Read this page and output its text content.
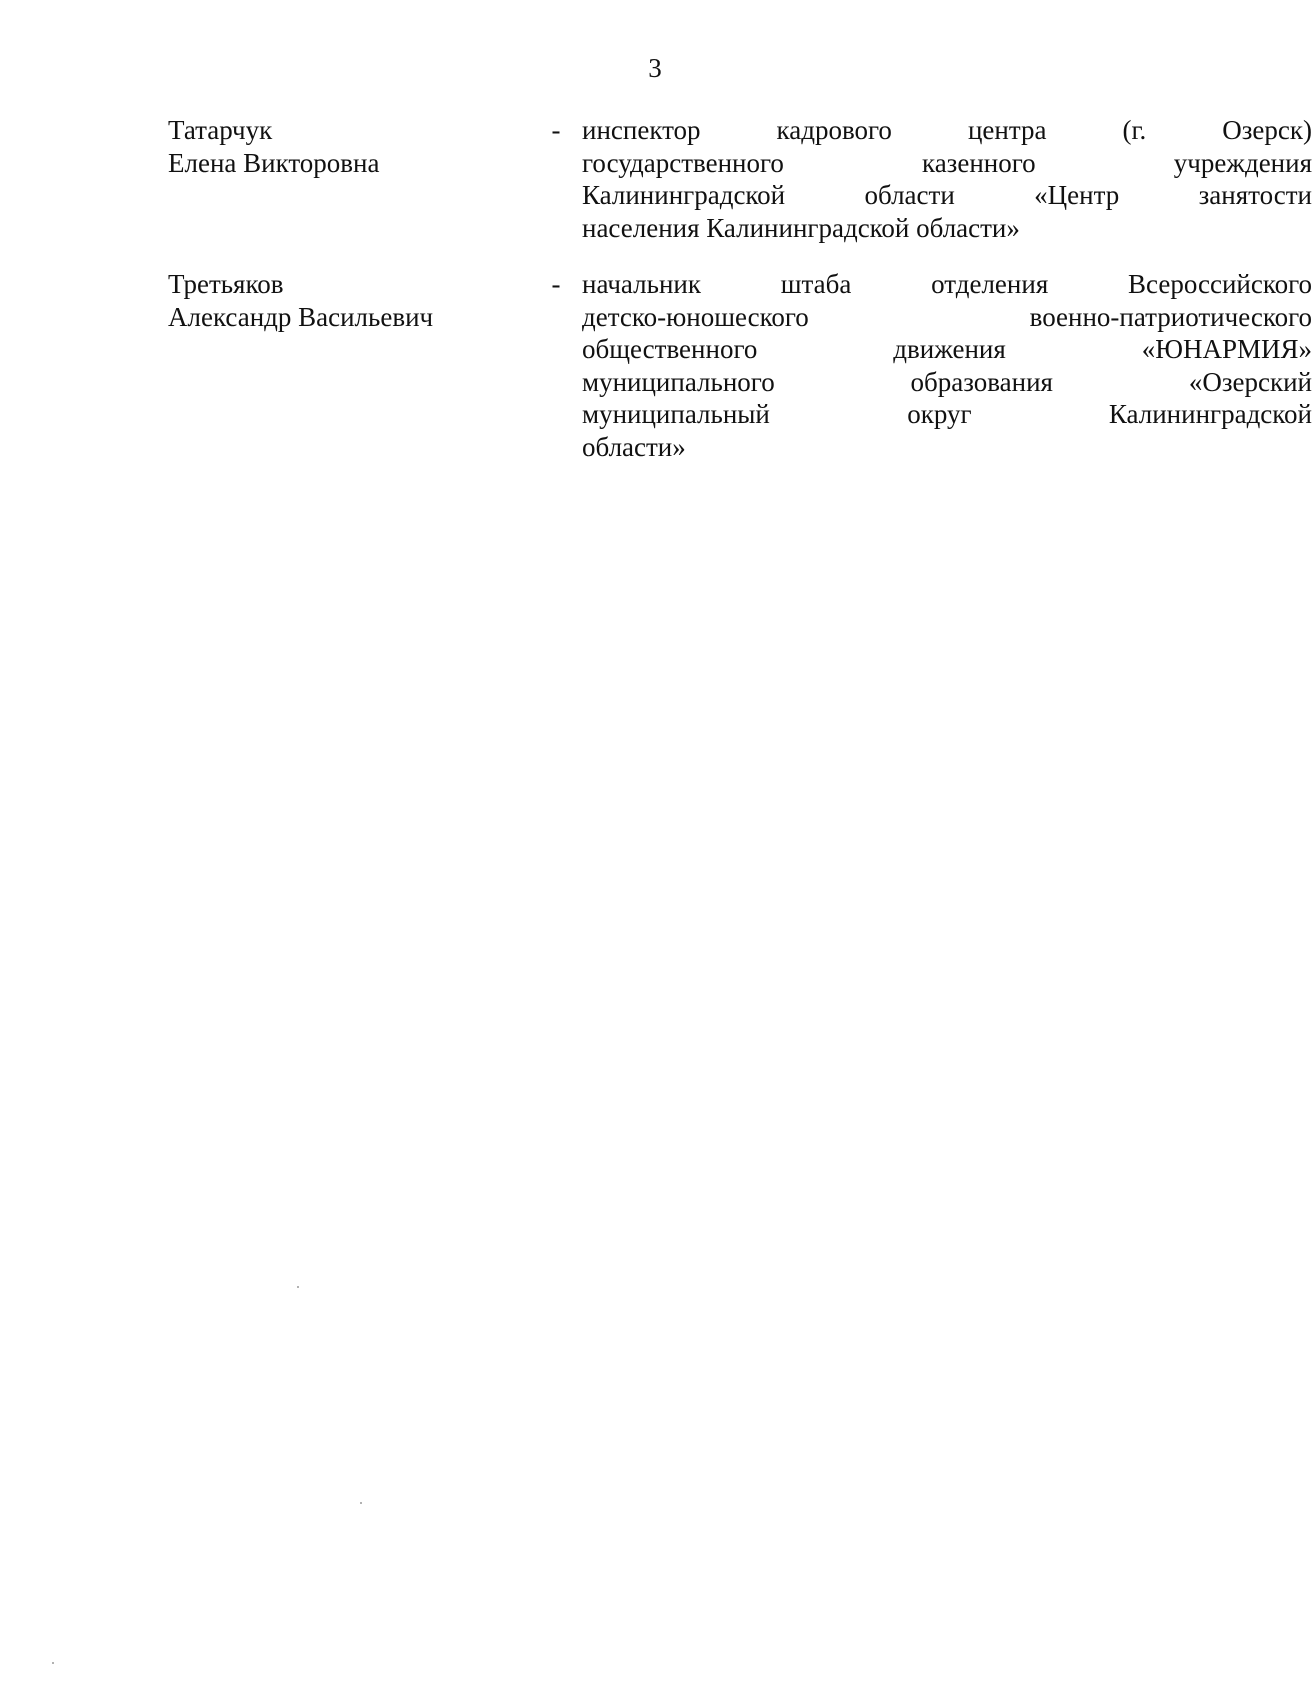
3
Татарчук
Елена Викторовна
- инспектор кадрового центра (г. Озерск)
государственного казенного учреждения
Калининградской области «Центр занятости
населения Калининградской области»
Третьяков
Александр Васильевич
- начальник штаба отделения Всероссийского
детско-юношеского военно-патриотического
общественного движения «ЮНАРМИЯ»
муниципального образования «Озерский
муниципальный округ Калининградской
области»
